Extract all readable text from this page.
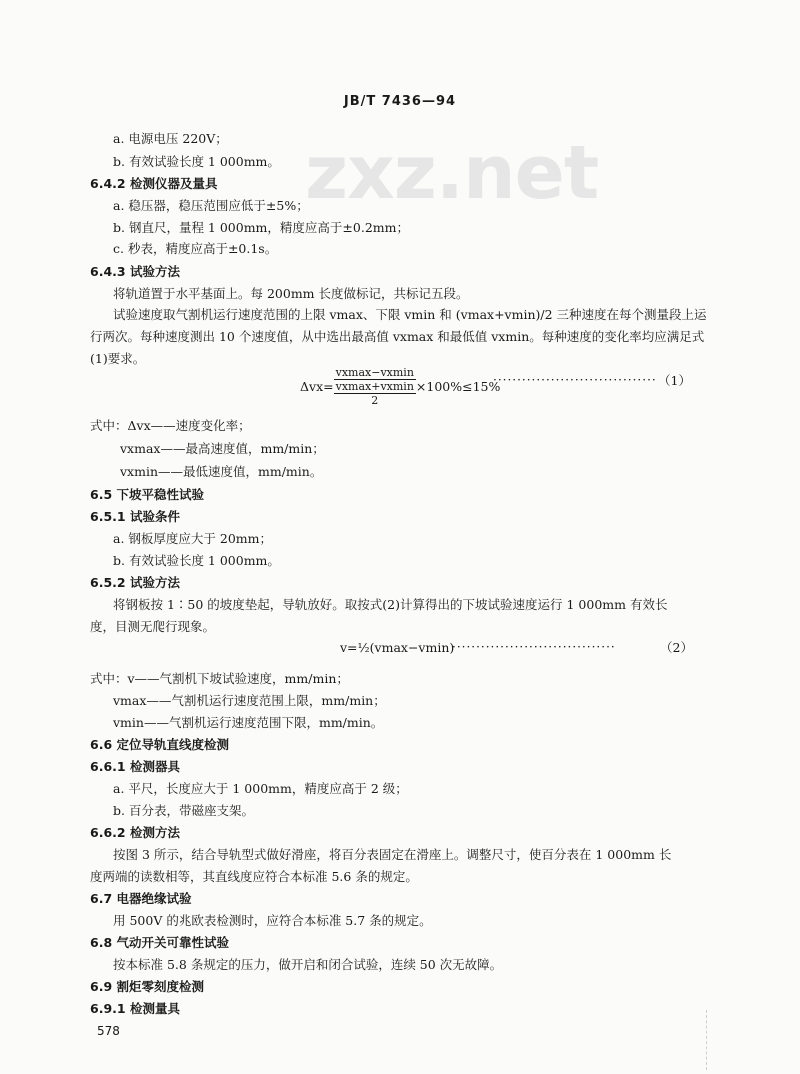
zxz.net
JB/T 7436—94
a. 电源电压 220V；
b. 有效试验长度 1 000mm。
6.4.2 检测仪器及量具
a. 稳压器，稳压范围应低于±5%；
b. 钢直尺，量程 1 000mm，精度应高于±0.2mm；
c. 秒表，精度应高于±0.1s。
6.4.3 试验方法
将轨道置于水平基面上。每 200mm 长度做标记，共标记五段。
试验速度取气割机运行速度范围的上限 vmax、下限 vmin 和 (vmax+vmin)/2 三种速度在每个测量段上运
行两次。每种速度测出 10 个速度值，从中选出最高值 vxmax 和最低值 vxmin。每种速度的变化率均应满足式
(1)要求。
Δvx=
vxmax−vxmin
vxmax+vxmin
2
×100%≤15%
·································· （1）
式中：Δvx——速度变化率；
vxmax——最高速度值，mm/min；
vxmin——最低速度值，mm/min。
6.5 下坡平稳性试验
6.5.1 试验条件
a. 钢板厚度应大于 20mm；
b. 有效试验长度 1 000mm。
6.5.2 试验方法
将钢板按 1∶50 的坡度垫起，导轨放好。取按式(2)计算得出的下坡试验速度运行 1 000mm 有效长
度，目测无爬行现象。
v=½(vmax−vmin)
··································	（2）
式中：v——气割机下坡试验速度，mm/min；
vmax——气割机运行速度范围上限，mm/min；
vmin——气割机运行速度范围下限，mm/min。
6.6 定位导轨直线度检测
6.6.1 检测器具
a. 平尺，长度应大于 1 000mm，精度应高于 2 级；
b. 百分表，带磁座支架。
6.6.2 检测方法
按图 3 所示，结合导轨型式做好滑座，将百分表固定在滑座上。调整尺寸，使百分表在 1 000mm 长
度两端的读数相等，其直线度应符合本标准 5.6 条的规定。
6.7 电器绝缘试验
用 500V 的兆欧表检测时，应符合本标准 5.7 条的规定。
6.8 气动开关可靠性试验
按本标准 5.8 条规定的压力，做开启和闭合试验，连续 50 次无故障。
6.9 割炬零刻度检测
6.9.1 检测量具
578
